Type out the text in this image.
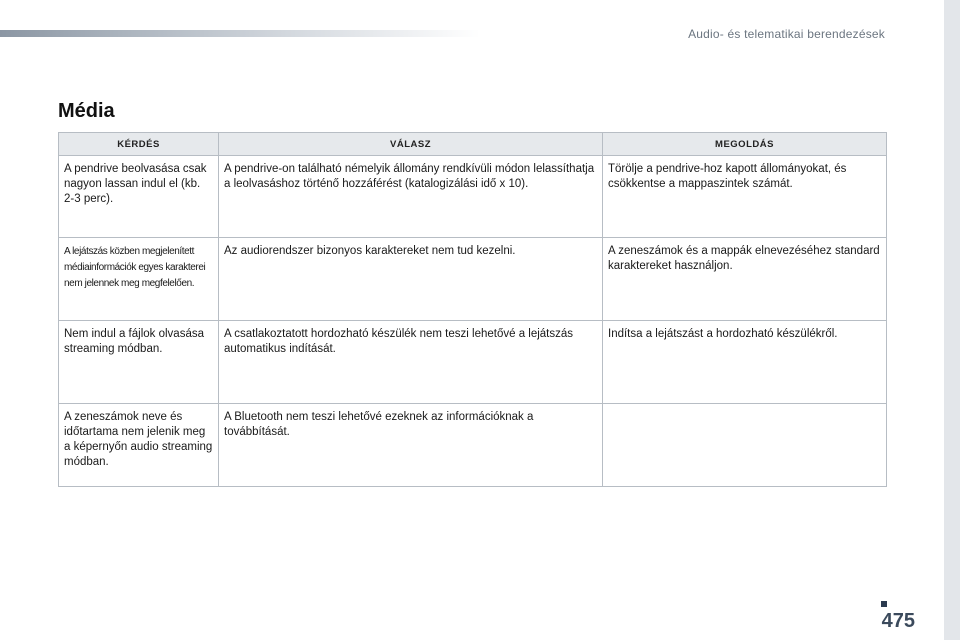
Audio- és telematikai berendezések
Média
KÉRDÉS	VÁLASZ	MEGOLDÁS
A pendrive beolvasása csak nagyon lassan indul el (kb. 2-3 perc).	A pendrive-on található némelyik állomány rendkívüli módon lelassíthatja a leolvasáshoz történő hozzáférést (katalogizálási idő x 10).	Törölje a pendrive-hoz kapott állományokat, és csökkentse a mappaszintek számát.
A lejátszás közben megjelenített médiainformációk egyes karakterei nem jelennek meg megfelelően.	Az audiorendszer bizonyos karaktereket nem tud kezelni.	A zeneszámok és a mappák elnevezéséhez standard karaktereket használjon.
Nem indul a fájlok olvasása streaming módban.	A csatlakoztatott hordozható készülék nem teszi lehetővé a lejátszás automatikus indítását.	Indítsa a lejátszást a hordozható készülékről.
A zeneszámok neve és időtartama nem jelenik meg a képernyőn audio streaming módban.	A Bluetooth nem teszi lehetővé ezeknek az információknak a továbbítását.	
475
